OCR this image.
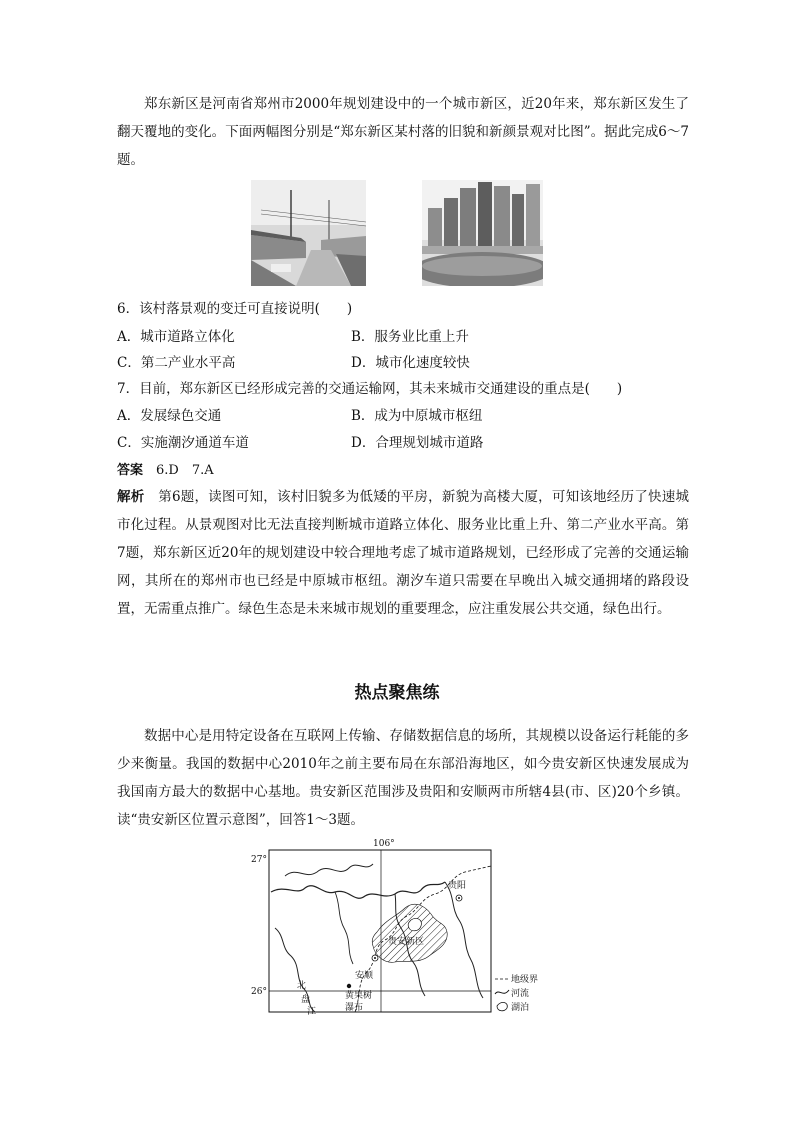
郑东新区是河南省郑州市2000年规划建设中的一个城市新区，近20年来，郑东新区发生了翻天覆地的变化。下面两幅图分别是“郑东新区某村落的旧貌和新颜景观对比图”。据此完成6～7题。

6．该村落景观的变迁可直接说明(　　)
A．城市道路立体化	B．服务业比重上升
C．第二产业水平高	D．城市化速度较快
7．目前，郑东新区已经形成完善的交通运输网，其未来城市交通建设的重点是(　　)
A．发展绿色交通	B．成为中原城市枢纽
C．实施潮汐通道车道	D．合理规划城市道路
答案　 6.D　7.A

解析　 第6题，读图可知，该村旧貌多为低矮的平房，新貌为高楼大厦，可知该地经历了快速城市化过程。从景观图对比无法直接判断城市道路立体化、服务业比重上升、第二产业水平高。第7题，郑东新区近20年的规划建设中较合理地考虑了城市道路规划，已经形成了完善的交通运输网，其所在的郑州市也已经是中原城市枢纽。潮汐车道只需要在早晚出入城交通拥堵的路段设置，无需重点推广。绿色生态是未来城市规划的重要理念，应注重发展公共交通，绿色出行。

热点聚焦练

数据中心是用特定设备在互联网上传输、存储数据信息的场所，其规模以设备运行耗能的多少来衡量。我国的数据中心2010年之前主要布局在东部沿海地区，如今贵安新区快速发展成为我国南方最大的数据中心基地。贵安新区范围涉及贵阳和安顺两市所辖4县(市、区)20个乡镇。读“贵安新区位置示意图”，回答1～3题。

106°
27°
26°
贵阳
贵安新区
安顺
北
盘
江
黄果树
瀑布
地级界
河流
湖泊
